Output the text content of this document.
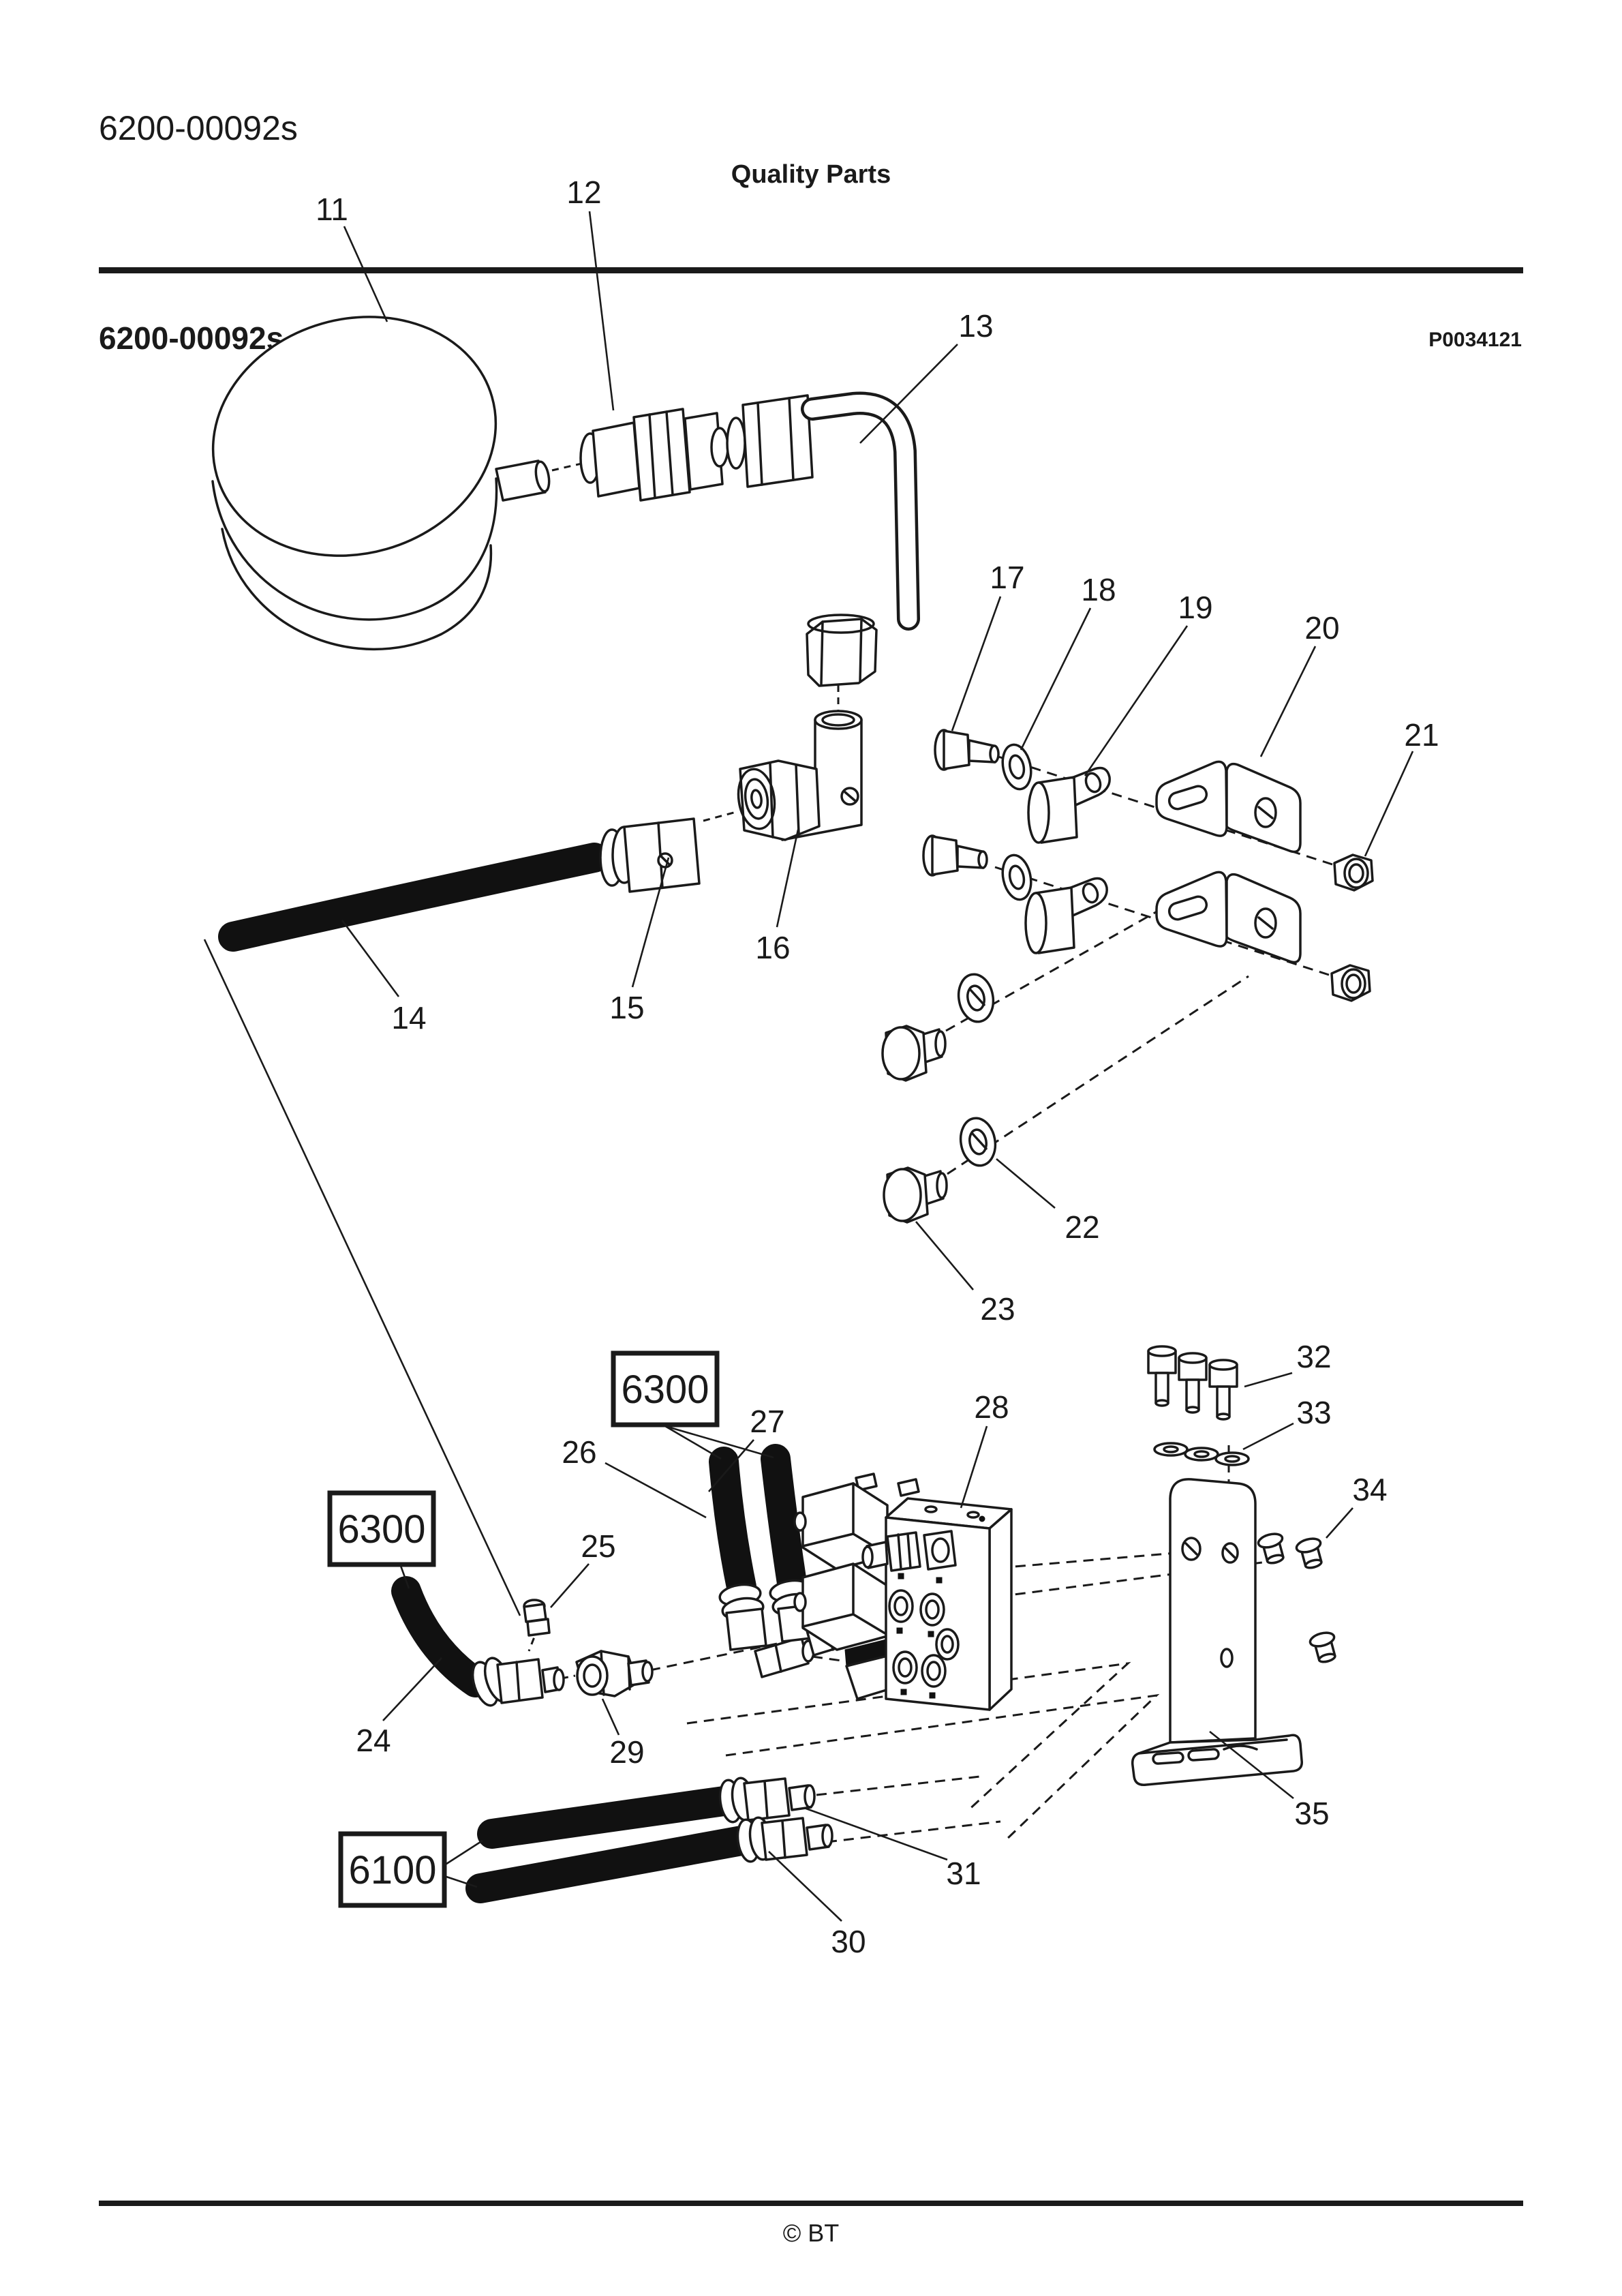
6200-00092s
Quality Parts
6200-00092s	P0034121
6300
6300
6100
11	12
13
14	15
16
17 18 19
20
21
22
23
24
25
26
27	28
29
30
31
32
33
34
35
© BT
